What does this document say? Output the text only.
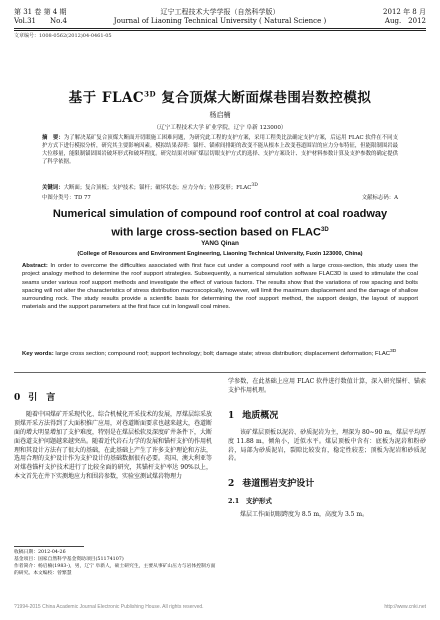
第 31 卷 第 4 期	辽宁工程技术大学学报（自然科学版）	2012 年 8 月
Vol.31　　No.4	Journal of Liaoning Technical University ( Natural Science )	Aug.　2012
文章编号：1008-0562(2012)04-0461-05
基于 $FLAC^{3D}$ 复合顶煤大断面煤巷围岩数控模拟
杨启楠
（辽宁工程技术大学 矿业学院，辽宁 阜新 123000）
摘　要：为了解决某矿复合顶煤大断面开切眼施工困难问题，为研究此工程的支护方案，采用工程类比法确定支护方案，后运用 FLAC 软件在不同支护方式下进行模拟分析，研究其主要影响因素。模拟结果表明：锚杆、锚索间排距的改变不能从根本上改变巷道围岩的应力分布特征，但能限制围岩最大位移量，能限制锚固围岩破坏形式和破坏程度。研究结果对该矿煤层切眼支护方式的选择、支护方案设计、支护材料参数计算及支护参数的确定提供了科学依据。
关键词：大断面；复合顶板；支护技术；锚杆；破坏状态；应力分布；位移变形；$FLAC^{3D}$
中图分类号：TD 77	文献标志码：A
Numerical simulation of compound roof control at coal roadway
with large cross-section based on $FLAC^{3D}$
YANG Qinan
(College of Resources and Environment Engineering, Liaoning Technical University, Fuxin 123000, China)
Abstract: In order to overcome the difficulties associated with first face cut under a compound roof with a large cross-section, this study uses the project analogy method to determine the roof support strategies. Subsequently, a numerical simulation software FLAC3D is used to stimulate the coal seams under various roof support methods and investigate the effect of various factors. The results show that the variations of row spacing and bolts spacing will not alter the characteristics of stress distribution macroscopically, however, will limit the maximum displacement and the damage of shallow surrounding rock. The study results provide a scientific basis for determining the roof support method, the support design, the layout of support materials and the support parameters at the first face cut in longwall coal mines.
Key words: large cross section; compound roof; support technology; bolt; damage state; stress distribution; displacement deformation; $FLAC^{3D}$
0 引　言
随着中国煤矿开采现代化、综合机械化开采技术的发展，厚煤层综采放顶煤开采方法得到了大面积推广应用，对巷道断面要求也越来越大，巷道断面的增大明显增加了支护难度，特别是在煤层松软及深度矿井条件下，大断面巷道支护问题越来越突出。随着近代岩石力学的发展和锚杆支护的作用机理和其设计方法有了很大的基础，在此基础上产生了许多支护理论和方法，选用合理的支护设计作为支护设计的基础数据很有必要。英国、澳大利亚等对煤巷锚杆支护技术进行了比较全面的研究，其锚杆支护率达 90%以上，本文首先在井下实测地应力和围岩参数，实验室测试煤岩物理力
学参数，在此基础上应用 FLAC 软件进行数值计算，深入研究锚杆、锚索支护作用机理。
1 地质概况
该矿煤层顶板以泥岩、砂质泥岩为主，埋深为 80~90 m，煤层平均厚度 11.88 m，倾角小，近似水平。煤层顶板中含有：底板为泥岩和粉砂岩，局部为砂质泥岩，裂隙比较发育，稳定性较差；顶板为泥岩和砂质泥岩。
2 巷道围岩支护设计
2.1　 支护形式
煤层工作面切眼跨度为 8.5 m，高度为 3.5 m。
收稿日期：2012-04-26
基金项目：国家自然科学基金资助项目(51174107)
作者简介：杨启楠(1983-)，男，辽宁 阜新人，硕士研究生，主要从事矿山压力与岩体控制方面的研究。本文编校：曾繁慧
?1994-2015 China Academic Journal Electronic Publishing House. All rights reserved.	http://www.cnki.net
